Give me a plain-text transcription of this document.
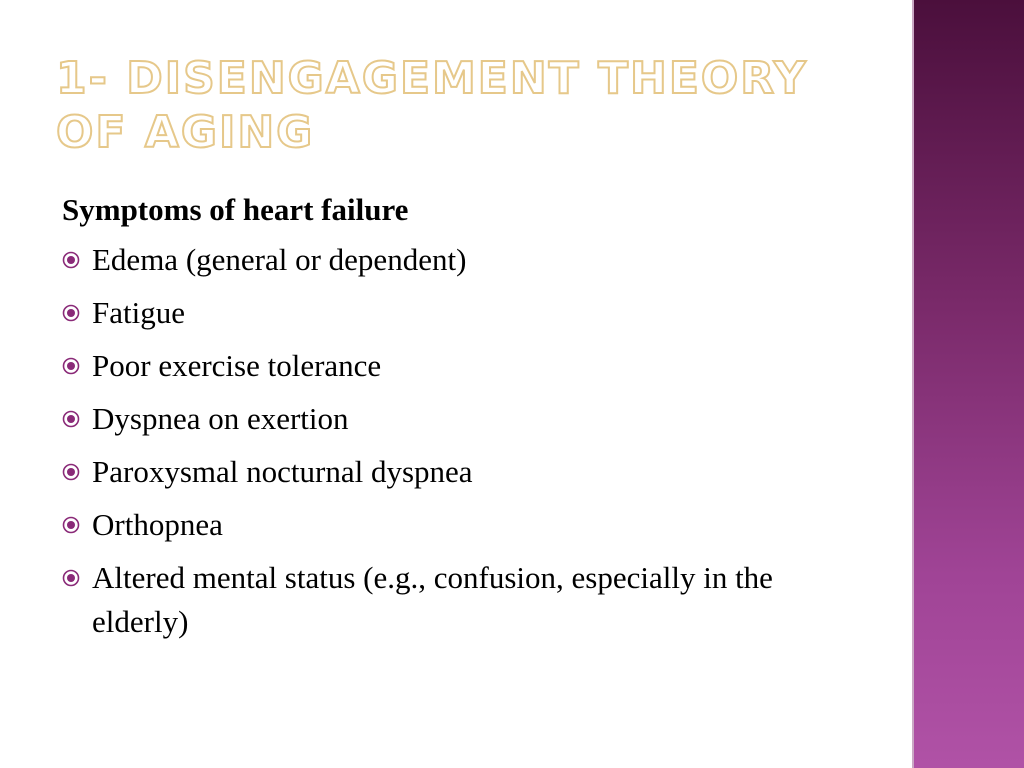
1- DISENGAGEMENT THEORY OF AGING

Symptoms of heart failure

Edema (general or dependent)
Fatigue
Poor exercise tolerance
Dyspnea on exertion
Paroxysmal nocturnal dyspnea
Orthopnea
Altered mental status (e.g., confusion, especially in the elderly)
